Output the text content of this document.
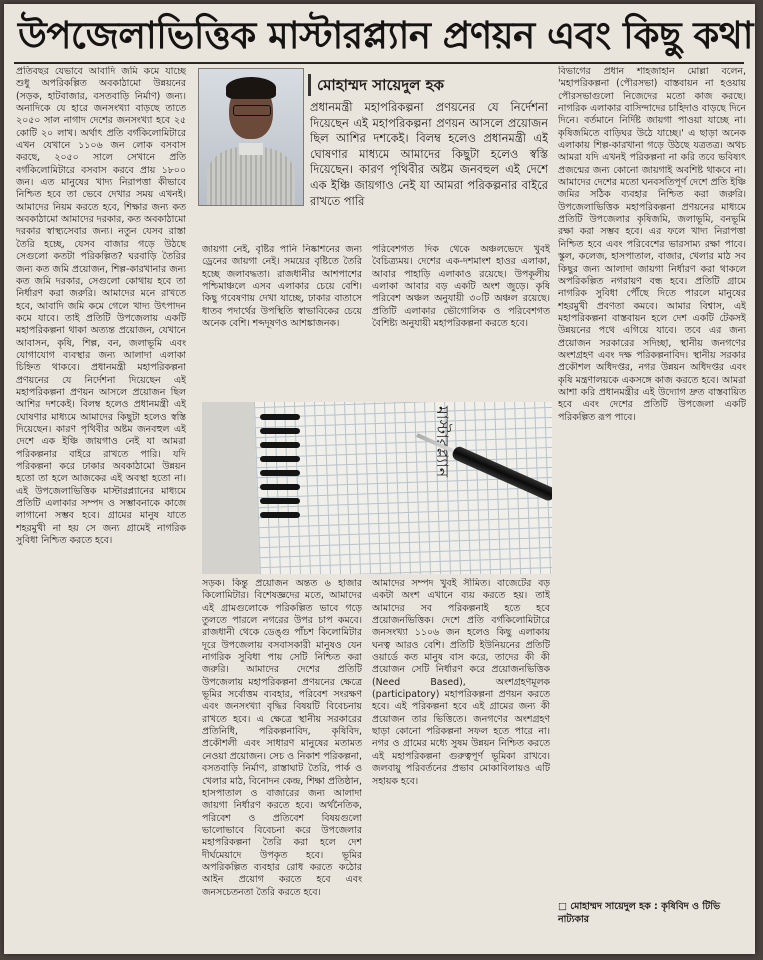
উপজেলাভিত্তিক মাস্টারপ্ল্যান প্রণয়ন এবং কিছু কথা

প্রতিবছর যেভাবে আবাদি জমি কমে যাচ্ছে শুধু অপরিকল্পিত অবকাঠামো উন্নয়নের (সড়ক, হাটবাজার, বসতবাড়ি নির্মাণ) জন্য। অনাদিকে যে হারে জনসংখ্যা বাড়ছে তাতে ২০৫০ সাল নাগাদ দেশের জনসংখ্যা হবে ২৫ কোটি ২০ লাখ। অর্থাৎ প্রতি বর্গকিলোমিটারে এখন যেখানে ১১০৬ জন লোক বসবাস করছে, ২০৫০ সালে সেখানে প্রতি বর্গকিলোমিটারে বসবাস করবে প্রায় ১৮০০ জন। এত মানুষের খাদ্য নিরাপত্তা কীভাবে নিশ্চিত হবে তা ভেবে দেখার সময় এখনই। আমাদের নিয়ম করতে হবে, শিক্ষার জন্য কত অবকাঠামো আমাদের দরকার, কত অবকাঠামো দরকার স্বাস্থ্যসেবার জন্য। নতুন যেসব রাস্তা তৈরি হচ্ছে, যেসব বাজার গড়ে উঠছে সেগুলো কতটা পরিকল্পিত? ঘরবাড়ি তৈরির জন্য কত জমি প্রয়োজন, শিল্প-কারখানার জন্য কত জমি দরকার, সেগুলো কোথায় হবে তা নির্ধারণ করা জরুরি। আমাদের মনে রাখতে হবে, আবাদি জমি কমে গেলে খাদ্য উৎপাদন কমে যাবে। তাই প্রতিটি উপজেলায় একটি মহাপরিকল্পনা থাকা অত্যন্ত প্রয়োজন, যেখানে আবাসন, কৃষি, শিল্প, বন, জলাভূমি এবং যোগাযোগ ব্যবস্থার জন্য আলাদা এলাকা চিহ্নিত থাকবে। প্রধানমন্ত্রী মহাপরিকল্পনা প্রণয়নের যে নির্দেশনা দিয়েছেন এই মহাপরিকল্পনা প্রণয়ন আসলে প্রয়োজন ছিল আশির দশকেই। বিলম্ব হলেও প্রধানমন্ত্রী এই ঘোষণার মাধ্যমে আমাদের কিছুটা হলেও স্বস্তি দিয়েছেন। কারণ পৃথিবীর অষ্টম জনবহুল এই দেশে এক ইঞ্চি জায়গাও নেই যা আমরা পরিকল্পনার বাইরে রাখতে পারি। যদি পরিকল্পনা করে ঢাকার অবকাঠামো উন্নয়ন হতো তা হলে আজকের এই অবস্থা হতো না। এই উপজেলাভিত্তিক মাস্টারপ্ল্যানের মাধ্যমে প্রতিটি এলাকার সম্পদ ও সম্ভাবনাকে কাজে লাগানো সম্ভব হবে। গ্রামের মানুষ যাতে শহরমুখী না হয় সে জন্য গ্রামেই নাগরিক সুবিধা নিশ্চিত করতে হবে।

মোহাম্মদ সায়েদুল হক
প্রধানমন্ত্রী মহাপরিকল্পনা প্রণয়নের যে নির্দেশনা দিয়েছেন এই মহাপরিকল্পনা প্রণয়ন আসলে প্রয়োজন ছিল আশির দশকেই। বিলম্ব হলেও প্রধানমন্ত্রী এই ঘোষণার মাধ্যমে আমাদের কিছুটা হলেও স্বস্তি দিয়েছেন। কারণ পৃথিবীর অষ্টম জনবহুল এই দেশে এক ইঞ্চি জায়গাও নেই যা আমরা পরিকল্পনার বাইরে রাখতে পারি

জায়গা নেই, বৃষ্টির পানি নিষ্কাশনের জন্য ড্রেনের জায়গা নেই। সময়ের বৃষ্টিতে তৈরি হচ্ছে জলাবদ্ধতা। রাজধানীর আশপাশের পশ্চিমাঞ্চলে এসব এলাকার চেয়ে বেশি। কিছু গবেষণায় দেখা যাচ্ছে, ঢাকার বাতাসে ধাতব পদার্থের উপস্থিতি স্বাভাবিকের চেয়ে অনেক বেশি। শব্দদূষণও আশঙ্কাজনক।

পরিবেশগত দিক থেকে অঞ্চলভেদে খুবই বৈচিত্র্যময়। দেশের এক-দশমাংশ হাওর এলাকা, আবার পাহাড়ি এলাকাও রয়েছে। উপকূলীয় এলাকা আবার বড় একটি অংশ জুড়ে। কৃষি পরিবেশ অঞ্চল অনুযায়ী ৩০টি অঞ্চল রয়েছে। প্রতিটি এলাকার ভৌগোলিক ও পরিবেশগত বৈশিষ্ট্য অনুযায়ী মহাপরিকল্পনা করতে হবে।

মাস্টারপ্ল্যান

সড়ক। কিন্তু প্রয়োজন অন্তত ৬ হাজার কিলোমিটার। বিশেষজ্ঞদের মতে, আমাদের এই গ্রামগুলোকে পরিকল্পিত ভাবে গড়ে তুলতে পারলে নগরের উপর চাপ কমবে। রাজধানী থেকে ডেঙ্গু পাঁচশ কিলোমিটার দূরে উপজেলায় বসবাসকারী মানুষও যেন নাগরিক সুবিধা পায় সেটি নিশ্চিত করা জরুরি। আমাদের দেশের প্রতিটি উপজেলায় মহাপরিকল্পনা প্রণয়নের ক্ষেত্রে ভূমির সর্বোত্তম ব্যবহার, পরিবেশ সংরক্ষণ এবং জনসংখ্যা বৃদ্ধির বিষয়টি বিবেচনায় রাখতে হবে। এ ক্ষেত্রে স্থানীয় সরকারের প্রতিনিধি, পরিকল্পনাবিদ, কৃষিবিদ, প্রকৌশলী এবং সাধারণ মানুষের মতামত নেওয়া প্রয়োজন। সেচ ও নিকাশ পরিকল্পনা, বসতবাড়ি নির্মাণ, রাস্তাঘাট তৈরি, পার্ক ও খেলার মাঠ, বিনোদন কেন্দ্র, শিক্ষা প্রতিষ্ঠান, হাসপাতাল ও বাজারের জন্য আলাদা জায়গা নির্ধারণ করতে হবে। অর্থনৈতিক, পরিবেশ ও প্রতিবেশ বিষয়গুলো ভালোভাবে বিবেচনা করে উপজেলার মহাপরিকল্পনা তৈরি করা হলে দেশ দীর্ঘমেয়াদে উপকৃত হবে। ভূমির অপরিকল্পিত ব্যবহার রোধ করতে কঠোর আইন প্রয়োগ করতে হবে এবং জনসচেতনতা তৈরি করতে হবে।

আমাদের সম্পদ খুবই সীমিত। বাজেটের বড় একটা অংশ এখানে ব্যয় করতে হয়। তাই আমাদের সব পরিকল্পনাই হতে হবে প্রয়োজনভিত্তিক। দেশে প্রতি বর্গকিলোমিটারে জনসংখ্যা ১১০৬ জন হলেও কিছু এলাকায় ঘনত্ব আরও বেশি। প্রতিটি ইউনিয়নের প্রতিটি ওয়ার্ডে কত মানুষ বাস করে, তাদের কী কী প্রয়োজন সেটি নির্ধারণ করে প্রয়োজনভিত্তিক (Need Based), অংশগ্রহণমূলক (participatory) মহাপরিকল্পনা প্রণয়ন করতে হবে। এই পরিকল্পনা হবে এই গ্রামের জন্য কী প্রয়োজন তার ভিত্তিতে। জনগণের অংশগ্রহণ ছাড়া কোনো পরিকল্পনা সফল হতে পারে না। নগর ও গ্রামের মধ্যে সুষম উন্নয়ন নিশ্চিত করতে এই মহাপরিকল্পনা গুরুত্বপূর্ণ ভূমিকা রাখবে। জলবায়ু পরিবর্তনের প্রভাব মোকাবিলায়ও এটি সহায়ক হবে।

বিভাগের প্রধান শাহজাহান মোল্লা বলেন, 'মহাপরিকল্পনা (পৌরসভা) বাস্তবায়ন না হওয়ায় পৌরসভাগুলো নিজেদের মতো কাজ করছে। নাগরিক এলাকার বাসিন্দাদের চাহিদাও বাড়ছে দিনে দিনে। বর্তমানে নির্দিষ্ট জায়গা পাওয়া যাচ্ছে না। কৃষিজমিতে বাড়িঘর উঠে যাচ্ছে।' এ ছাড়া অনেক এলাকায় শিল্প-কারখানা গড়ে উঠছে যত্রতত্র। অথচ আমরা যদি এখনই পরিকল্পনা না করি তবে ভবিষ্যৎ প্রজন্মের জন্য কোনো জায়গাই অবশিষ্ট থাকবে না। আমাদের দেশের মতো ঘনবসতিপূর্ণ দেশে প্রতি ইঞ্চি জমির সঠিক ব্যবহার নিশ্চিত করা জরুরি। উপজেলাভিত্তিক মহাপরিকল্পনা প্রণয়নের মাধ্যমে প্রতিটি উপজেলার কৃষিজমি, জলাভূমি, বনভূমি রক্ষা করা সম্ভব হবে। এর ফলে খাদ্য নিরাপত্তা নিশ্চিত হবে এবং পরিবেশের ভারসাম্য রক্ষা পাবে। স্কুল, কলেজ, হাসপাতাল, বাজার, খেলার মাঠ সব কিছুর জন্য আলাদা জায়গা নির্ধারণ করা থাকলে অপরিকল্পিত নগরায়ণ বন্ধ হবে। প্রতিটি গ্রামে নাগরিক সুবিধা পৌঁছে দিতে পারলে মানুষের শহরমুখী প্রবণতা কমবে। আমার বিশ্বাস, এই মহাপরিকল্পনা বাস্তবায়ন হলে দেশ একটি টেকসই উন্নয়নের পথে এগিয়ে যাবে। তবে এর জন্য প্রয়োজন সরকারের সদিচ্ছা, স্থানীয় জনগণের অংশগ্রহণ এবং দক্ষ পরিকল্পনাবিদ। স্থানীয় সরকার প্রকৌশল অধিদপ্তর, নগর উন্নয়ন অধিদপ্তর এবং কৃষি মন্ত্রণালয়কে একসঙ্গে কাজ করতে হবে। আমরা আশা করি প্রধানমন্ত্রীর এই উদ্যোগ দ্রুত বাস্তবায়িত হবে এবং দেশের প্রতিটি উপজেলা একটি পরিকল্পিত রূপ পাবে।

□ মোহাম্মদ সায়েদুল হক : কৃষিবিদ ও টিভি নাট্যকার
